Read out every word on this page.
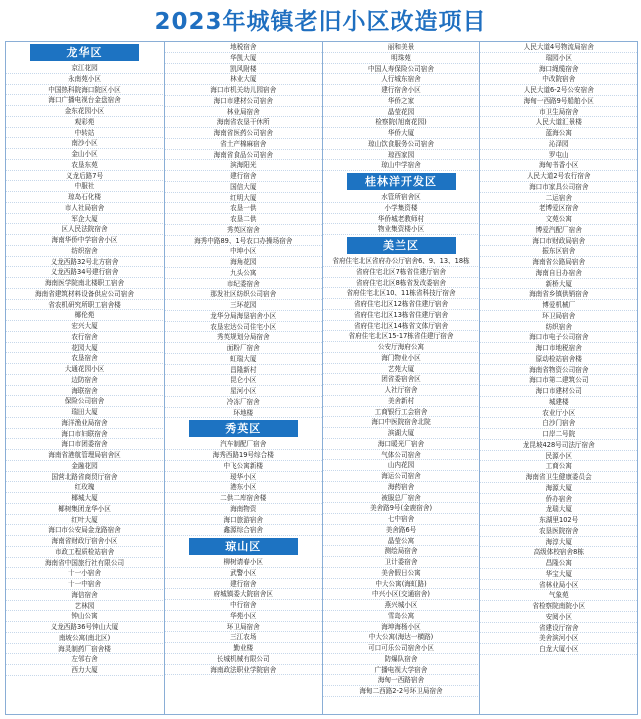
2023年城镇老旧小区改造项目
龙华区
京江花园
永南苑小区
中国热科院海口院区小区
海口广播电视台金盘宿舍
金东花园小区
观彩苑
中转站
南沙小区
金山小区
农垦东苑
义龙后路7号
中服社
琼岛石化楼
市人社局宿舍
军企大厦
区人民法院宿舍
海南华侨中学宿舍小区
纺织宿舍
义龙西路32号北方宿舍
义龙西路34号建行宿舍
海南医学院南北楼职工宿舍
海南省建筑材料设备供应公司宿舍
省农机研究所职工宿舍楼
椰伦苑
宏兴大厦
农行宿舍
花园大厦
农垦宿舍
大通花园小区
边防宿舍
海联宿舍
保险公司宿舍
瑞田大厦
海洋渔业局宿舍
海口市妇联宿舍
海口市团委宿舍
海南省港航管理局宿舍区
金融花园
国营北路省商贸厅宿舍
红玫瑰
椰城大厦
椰树集团龙华小区
红叶大厦
海口市公安局金龙路宿舍
海南省财政厅宿舍小区
市政工程质检站宿舍
海南省中国旅行社有限公司
十一小宿舍
十一中宿舍
海信宿舍
艺林园
钟山公寓
义龙西路36号钟山大厦
南坡公寓(南北区)
海灵制药厂宿舍楼
左邻右舍
西力大厦
地税宿舍
华凯大厦
凯风附楼
林业大厦
海口市机关幼儿园宿舍
海口市建材公司宿舍
林业局宿舍
海南省农垦干休所
海南省医药公司宿舍
省土产棉麻宿舍
海南省食品公司宿舍
滨海阳光
建行宿舍
国信大厦
红明大厦
农垦一供
农垦二供
秀英区宿舍
海秀中路89、1号农口办操场宿舍
中坤小区
海角花园
九头公寓
市纪委宿舍
那发社区纺织公司宿舍
三环花园
龙华分局海垦宿舍小区
农垦宏达公司住宅小区
秀英规划分局宿舍
面粉厂宿舍
虹瑞大厦
昌隆新村
昆仑小区
星河小区
冷冻厂宿舍
环地楼
秀英区
汽车制配厂宿舍
海秀西路19号综合楼
中飞公寓新楼
瑷华小区
港东小区
二供二库宿舍楼
海南物资
海口旅游宿舍
鑫源综合宿舍
琼山区
柳树请春小区
武警小区
建行宿舍
府城镇委大院宿舍区
中行宿舍
华苑小区
环卫局宿舍
三江农场
勤业楼
长城机械有限公司
海南政法职业学院宿舍
丽和美景
明珠苑
中国人寿保险公司宿舍
人行城东宿舍
建行宿舍小区
华侨之家
晶莹花园
检察院(旭南花园)
华侨大厦
琼山饮食服务公司宿舍
琼西家园
琼山中学宿舍
桂林洋开发区
水管所宿舍区
小学集资楼
华侨城老教师村
物业集资楼小区
美兰区
省府住宅北区省府办公厅宿舍6、9、13、18栋
省府住宅北区7栋省住建厅宿舍
省府住宅北区8栋省发改委宿舍
省府住宅北区10、11栋省科技厅宿舍
省府住宅北区12栋省住建厅宿舍
省府住宅北区13栋省住建厅宿舍
省府住宅北区14栋省文体厅宿舍
省府住宅北区15-17栋省住建厅宿舍
公安厅海府公寓
海门物业小区
艺苑大厦
团省委宿舍区
人社厅宿舍
美舍新村
工商银行工会宿舍
海口中医院宿舍北院
滨湖大厦
海口暖光厂宿舍
气体公司宿舍
山内花园
海运公司宿舍
海药宿舍
被服总厂宿舍
美舍路9号(金鹿宿舍)
七中宿舍
美舍路6号
晶莹公寓
测绘局宿舍
卫计委宿舍
美舍假日公寓
中大公寓(海虹路)
中兴小区(交通宿舍)
燕兴城小区
雪岛公寓
海坤海杨小区
中大公寓(海达一横路)
可口可乐公司宿舍小区
防爆队宿舍
广播电视大学宿舍
海甸一西路宿舍
海甸二西路2-2号环卫局宿舍
人民大道4号物流局宿舍
瑞园小区
海口绳缆宿舍
中改院宿舍
人民大道6-2号公安宿舍
海甸一西路9号船舶小区
市卫生局宿舍
人民大道汇景楼
蓝海公寓
沁泽园
罗屯山
海甸书香小区
人民大道2号农行宿舍
海口市家具公司宿舍
二运宿舍
老博爱区宿舍
文苑公寓
博爱汽配厂宿舍
海口市财政局宿舍
振东区宿舍
海南省公路局宿舍
海南自日办宿舍
新桥大厦
海南省乡镇供销宿舍
博爱机械厂
环卫局宿舍
纺织宿舍
海口市电子公司宿舍
海口市地税宿舍
原动检站宿舍楼
海南省物资公司宿舍
海口市第二建筑公司
海口市建材公司
城建楼
农业厅小区
白沙门宿舍
口岸二号院
龙昆坡428号司法厅宿舍
民源小区
工商公寓
海南省卫生健康委员会
海源大厦
侨办宿舍
龙瑞大厦
东湖里102号
农垦医院宿舍
海淳大厦
高级体校宿舍8栋
昌隆公寓
华宝大厦
省林业局小区
气象苑
省检察院南院小区
安阅小区
省建设厅宿舍
美舍滨河小区
白龙大厦小区
